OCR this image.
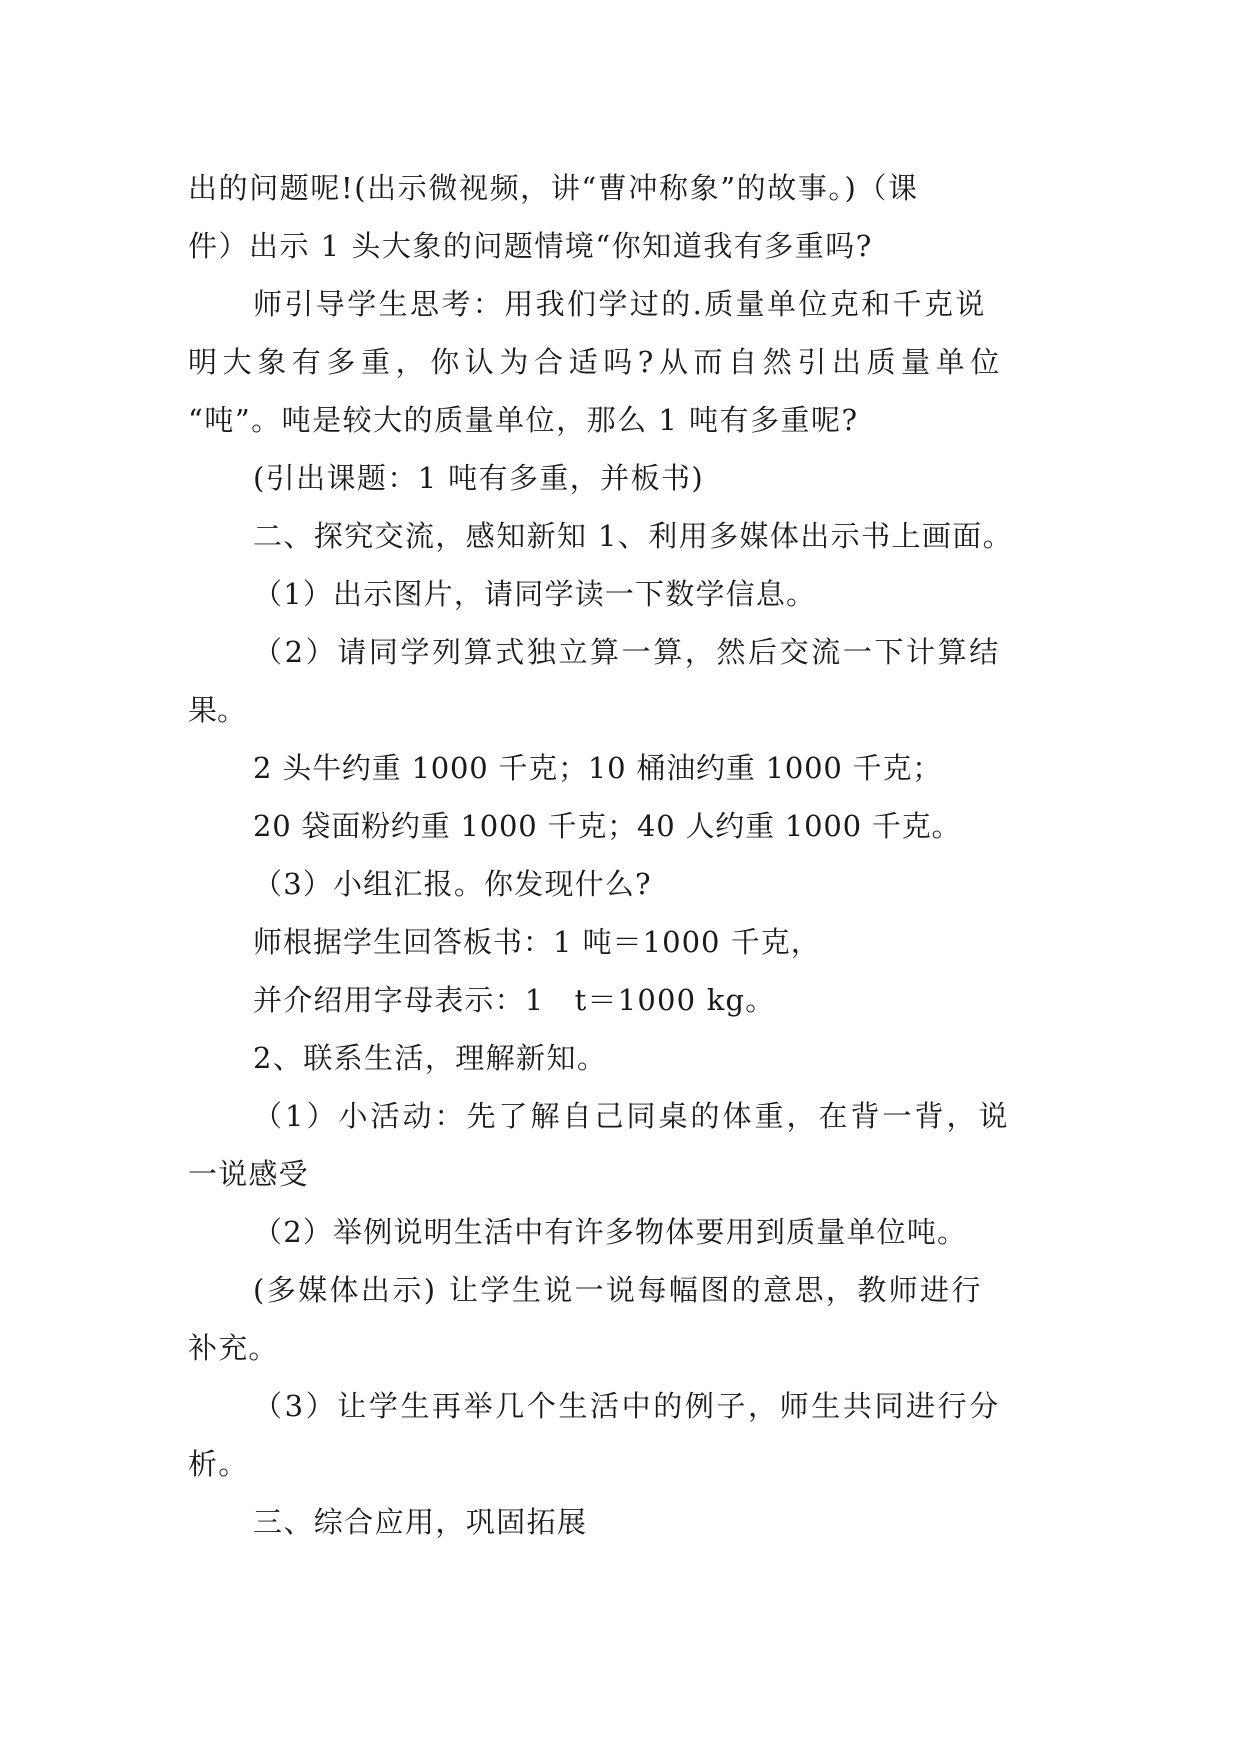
出的问题呢!(出示微视频，讲“曹冲称象”的故事。)（课
件）出示 1 头大象的问题情境“你知道我有多重吗?
师引导学生思考：用我们学过的.质量单位克和千克说
明大象有多重，你认为合适吗?从而自然引出质量单位
“吨”。吨是较大的质量单位，那么 1 吨有多重呢?
(引出课题：1 吨有多重，并板书)
二、探究交流，感知新知 1、利用多媒体出示书上画面。
（1）出示图片，请同学读一下数学信息。
（2）请同学列算式独立算一算，然后交流一下计算结
果。
2 头牛约重 1000 千克；10 桶油约重 1000 千克；
20 袋面粉约重 1000 千克；40 人约重 1000 千克。
（3）小组汇报。你发现什么?
师根据学生回答板书：1 吨＝1000 千克，
并介绍用字母表示：1　t＝1000 kg。
2、联系生活，理解新知。
（1）小活动：先了解自己同桌的体重，在背一背，说
一说感受
（2）举例说明生活中有许多物体要用到质量单位吨。
(多媒体出示) 让学生说一说每幅图的意思，教师进行
补充。
（3）让学生再举几个生活中的例子，师生共同进行分
析。
三、综合应用，巩固拓展
